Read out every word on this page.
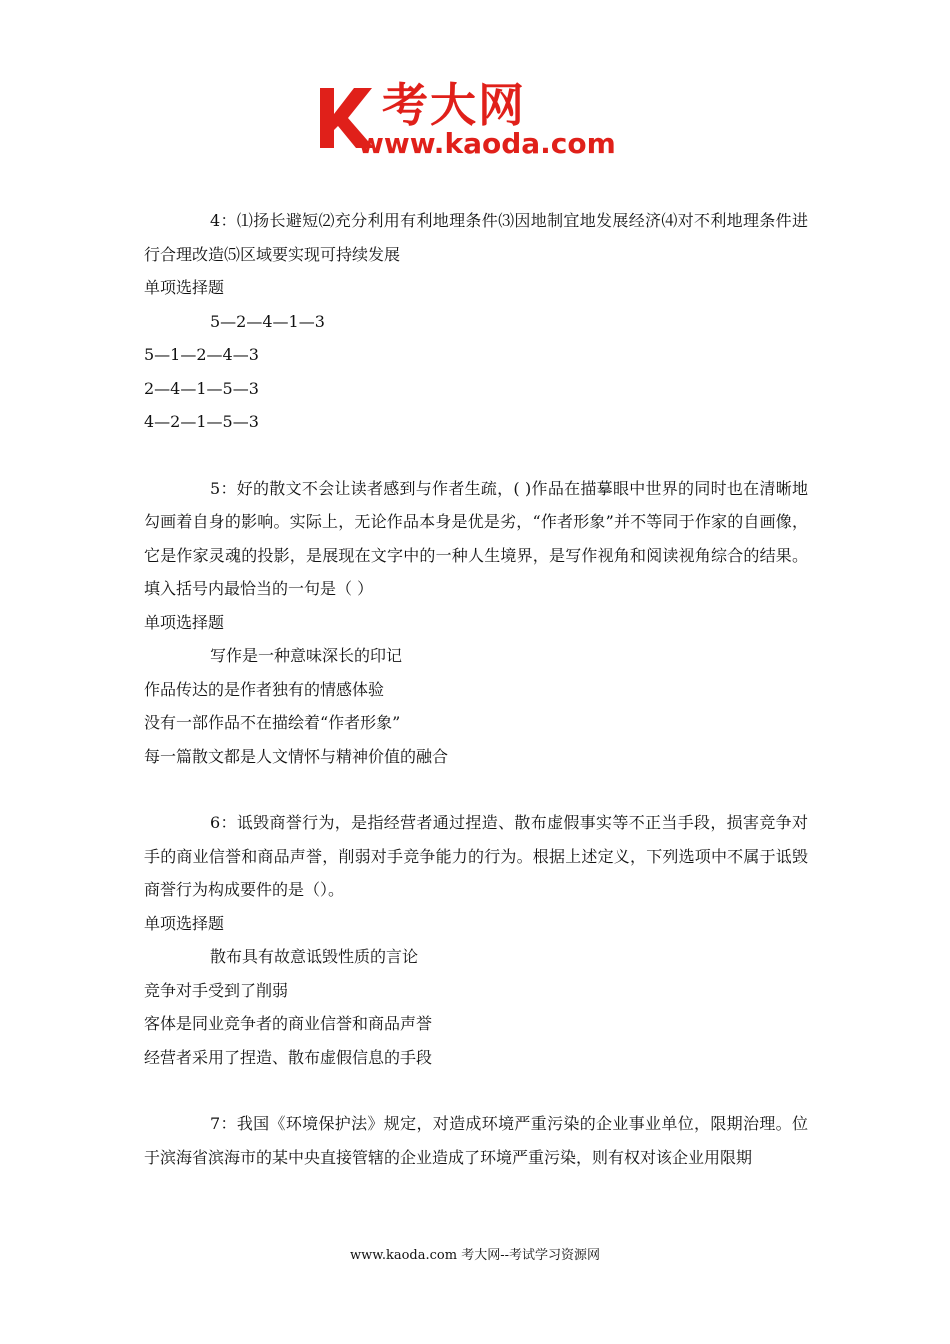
考大网
www.kaoda.com

4：⑴扬长避短⑵充分利用有利地理条件⑶因地制宜地发展经济⑷对不利地理条件进行合理改造⑸区域要实现可持续发展

单项选择题

5—2—4—1—3

5—1—2—4—3

2—4—1—5—3

4—2—1—5—3

5：好的散文不会让读者感到与作者生疏，( )作品在描摹眼中世界的同时也在清晰地勾画着自身的影响。实际上，无论作品本身是优是劣，“作者形象”并不等同于作家的自画像，它是作家灵魂的投影，是展现在文字中的一种人生境界，是写作视角和阅读视角综合的结果。 填入括号内最恰当的一句是（ ）

单项选择题

写作是一种意味深长的印记

作品传达的是作者独有的情感体验

没有一部作品不在描绘着“作者形象”

每一篇散文都是人文情怀与精神价值的融合

6：诋毁商誉行为，是指经营者通过捏造、散布虚假事实等不正当手段，损害竞争对手的商业信誉和商品声誉，削弱对手竞争能力的行为。根据上述定义，下列选项中不属于诋毁商誉行为构成要件的是（）。

单项选择题

散布具有故意诋毁性质的言论

竞争对手受到了削弱

客体是同业竞争者的商业信誉和商品声誉

经营者采用了捏造、散布虚假信息的手段

7：我国《环境保护法》规定，对造成环境严重污染的企业事业单位，限期治理。位于滨海省滨海市的某中央直接管辖的企业造成了环境严重污染，则有权对该企业用限期

www.kaoda.com 考大网--考试学习资源网
